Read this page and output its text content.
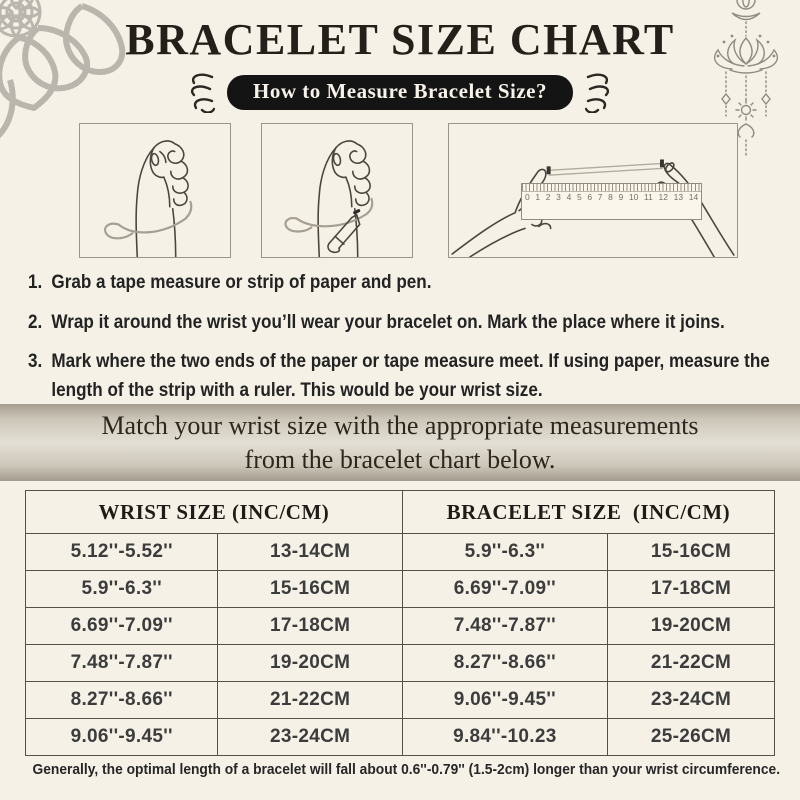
BRACELET SIZE CHART
How to Measure Bracelet Size?
0 1 2 3 4 5 6 7 8 9 10 11 12 13 14
1. Grab a tape measure or strip of paper and pen.
2. Wrap it around the wrist you’ll wear your bracelet on. Mark the place where it joins.
3. Mark where the two ends of the paper or tape measure meet. If using paper, measure the length of the strip with a ruler. This would be your wrist size.
Match your wrist size with the appropriate measurements
from the bracelet chart below.
WRIST SIZE (INC/CM)		BRACELET SIZE  (INC/CM)	
5.12''-5.52''	13-14CM	5.9''-6.3''	15-16CM
5.9''-6.3''	15-16CM	6.69''-7.09''	17-18CM
6.69''-7.09''	17-18CM	7.48''-7.87''	19-20CM
7.48''-7.87''	19-20CM	8.27''-8.66''	21-22CM
8.27''-8.66''	21-22CM	9.06''-9.45''	23-24CM
9.06''-9.45''	23-24CM	9.84''-10.23	25-26CM
Generally, the optimal length of a bracelet will fall about 0.6''-0.79'' (1.5-2cm) longer than your wrist circumference.
